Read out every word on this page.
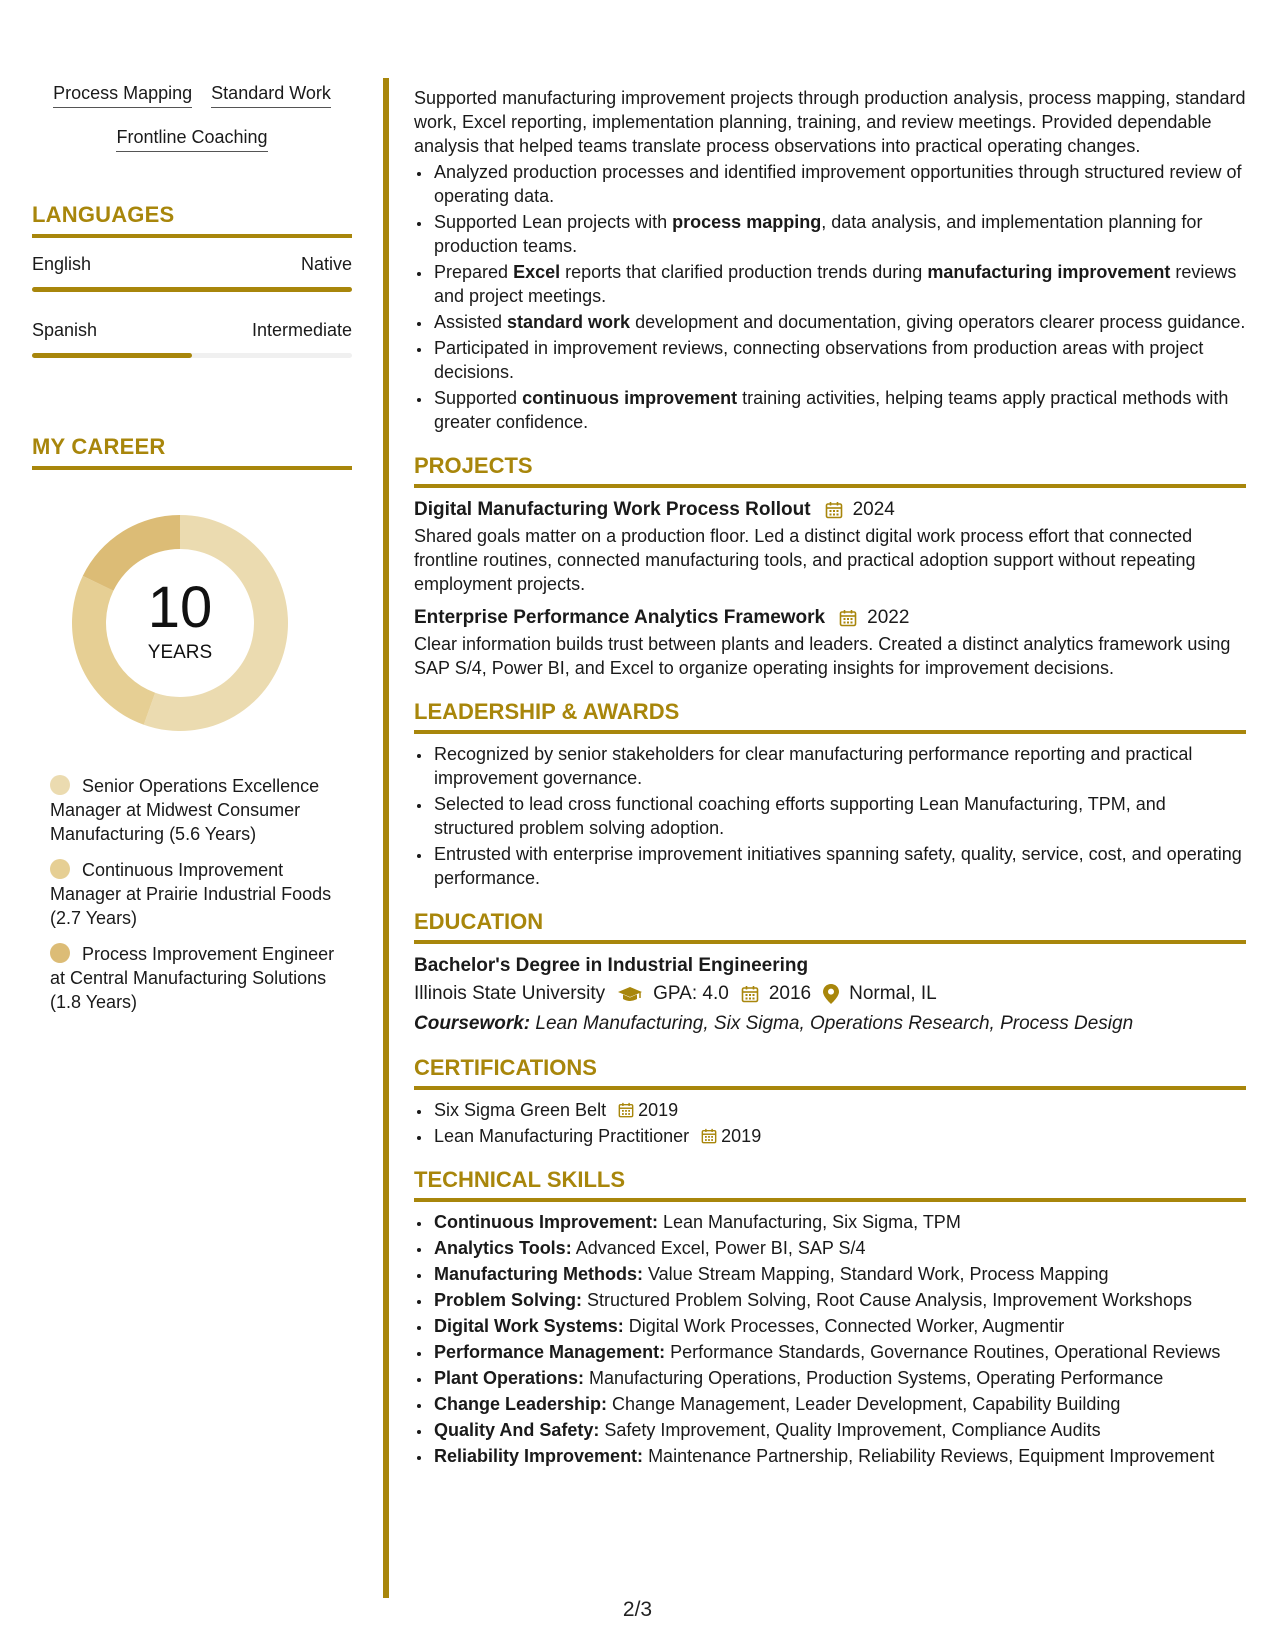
Process Mapping Standard Work
Frontline Coaching
LANGUAGES
English	Native
Spanish	Intermediate
MY CAREER
10
YEARS
Senior Operations Excellence Manager at Midwest Consumer Manufacturing (5.6 Years)
Continuous Improvement Manager at Prairie Industrial Foods (2.7 Years)
Process Improvement Engineer at Central Manufacturing Solutions (1.8 Years)

Supported manufacturing improvement projects through production analysis, process mapping, standard work, Excel reporting, implementation planning, training, and review meetings. Provided dependable analysis that helped teams translate process observations into practical operating changes.

• Analyzed production processes and identified improvement opportunities through structured review of operating data.
• Supported Lean projects with process mapping, data analysis, and implementation planning for production teams.
• Prepared Excel reports that clarified production trends during manufacturing improvement reviews and project meetings.
• Assisted standard work development and documentation, giving operators clearer process guidance.
• Participated in improvement reviews, connecting observations from production areas with project decisions.
• Supported continuous improvement training activities, helping teams apply practical methods with greater confidence.
PROJECTS
Digital Manufacturing Work Process Rollout 2024

Shared goals matter on a production floor. Led a distinct digital work process effort that connected frontline routines, connected manufacturing tools, and practical adoption support without repeating employment projects.

Enterprise Performance Analytics Framework 2022

Clear information builds trust between plants and leaders. Created a distinct analytics framework using SAP S/4, Power BI, and Excel to organize operating insights for improvement decisions.

LEADERSHIP & AWARDS
• Recognized by senior stakeholders for clear manufacturing performance reporting and practical improvement governance.
• Selected to lead cross functional coaching efforts supporting Lean Manufacturing, TPM, and structured problem solving adoption.
• Entrusted with enterprise improvement initiatives spanning safety, quality, service, cost, and operating performance.
EDUCATION
Bachelor's Degree in Industrial Engineering
Illinois State University	GPA: 4.0 2016 Normal, IL
Coursework: Lean Manufacturing, Six Sigma, Operations Research, Process Design
CERTIFICATIONS
• Six Sigma Green Belt 2019
• Lean Manufacturing Practitioner 2019
TECHNICAL SKILLS
• Continuous Improvement: Lean Manufacturing, Six Sigma, TPM
• Analytics Tools: Advanced Excel, Power BI, SAP S/4
• Manufacturing Methods: Value Stream Mapping, Standard Work, Process Mapping
• Problem Solving: Structured Problem Solving, Root Cause Analysis, Improvement Workshops
• Digital Work Systems: Digital Work Processes, Connected Worker, Augmentir
• Performance Management: Performance Standards, Governance Routines, Operational Reviews
• Plant Operations: Manufacturing Operations, Production Systems, Operating Performance
• Change Leadership: Change Management, Leader Development, Capability Building
• Quality And Safety: Safety Improvement, Quality Improvement, Compliance Audits
• Reliability Improvement: Maintenance Partnership, Reliability Reviews, Equipment Improvement
2/3
